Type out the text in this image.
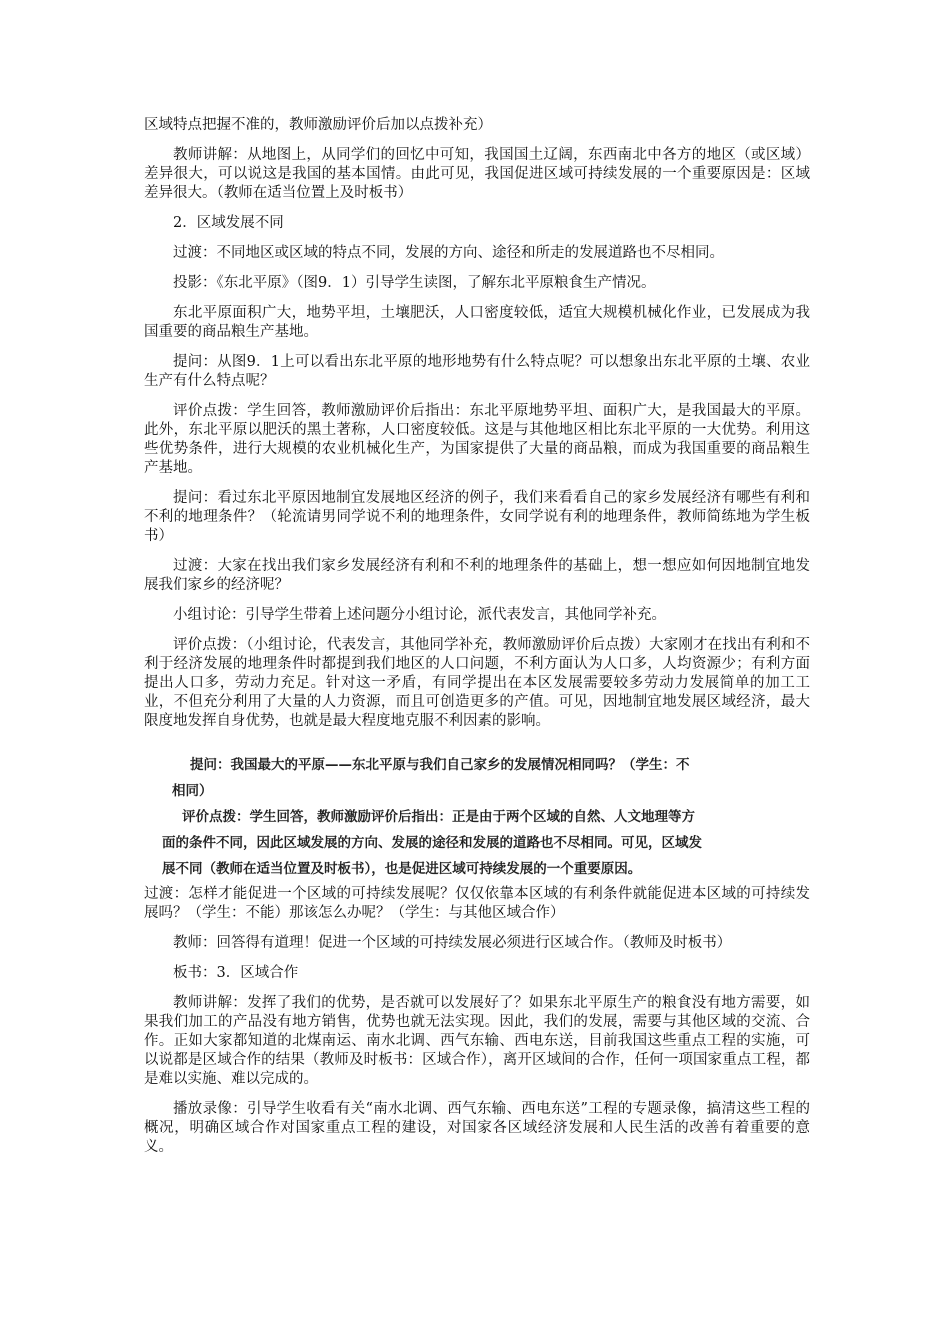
区域特点把握不准的，教师激励评价后加以点拨补充）

教师讲解：从地图上，从同学们的回忆中可知，我国国土辽阔，东西南北中各方的地区（或区域）差异很大，可以说这是我国的基本国情。由此可见，我国促进区域可持续发展的一个重要原因是：区域差异很大。（教师在适当位置上及时板书）

2．区域发展不同

过渡：不同地区或区域的特点不同，发展的方向、途径和所走的发展道路也不尽相同。

投影：《东北平原》（图9．1）引导学生读图，了解东北平原粮食生产情况。

东北平原面积广大，地势平坦，土壤肥沃，人口密度较低，适宜大规模机械化作业，已发展成为我国重要的商品粮生产基地。

提问：从图9．1上可以看出东北平原的地形地势有什么特点呢？可以想象出东北平原的土壤、农业生产有什么特点呢？

评价点拨：学生回答，教师激励评价后指出：东北平原地势平坦、面积广大，是我国最大的平原。此外，东北平原以肥沃的黑土著称，人口密度较低。这是与其他地区相比东北平原的一大优势。利用这些优势条件，进行大规模的农业机械化生产，为国家提供了大量的商品粮，而成为我国重要的商品粮生产基地。

提问：看过东北平原因地制宜发展地区经济的例子，我们来看看自己的家乡发展经济有哪些有利和不利的地理条件？（轮流请男同学说不利的地理条件，女同学说有利的地理条件，教师简练地为学生板书）

过渡：大家在找出我们家乡发展经济有利和不利的地理条件的基础上，想一想应如何因地制宜地发展我们家乡的经济呢？

小组讨论：引导学生带着上述问题分小组讨论，派代表发言，其他同学补充。

评价点拨：（小组讨论，代表发言，其他同学补充，教师激励评价后点拨）大家刚才在找出有利和不利于经济发展的地理条件时都提到我们地区的人口问题，不利方面认为人口多，人均资源少；有利方面提出人口多，劳动力充足。针对这一矛盾，有同学提出在本区发展需要较多劳动力发展简单的加工工业，不但充分利用了大量的人力资源，而且可创造更多的产值。可见，因地制宜地发展区域经济，最大限度地发挥自身优势，也就是最大程度地克服不利因素的影响。

提问：我国最大的平原——东北平原与我们自己家乡的发展情况相同吗？（学生：不

相同）

评价点拨：学生回答，教师激励评价后指出：正是由于两个区域的自然、人文地理等方

面的条件不同，因此区域发展的方向、发展的途径和发展的道路也不尽相同。可见，区域发

展不同（教师在适当位置及时板书），也是促进区域可持续发展的一个重要原因。

过渡：怎样才能促进一个区域的可持续发展呢？仅仅依靠本区域的有利条件就能促进本区域的可持续发展吗？（学生：不能）那该怎么办呢？（学生：与其他区域合作）

教师：回答得有道理！促进一个区域的可持续发展必须进行区域合作。（教师及时板书）

板书：3．区域合作

教师讲解：发挥了我们的优势，是否就可以发展好了？如果东北平原生产的粮食没有地方需要，如果我们加工的产品没有地方销售，优势也就无法实现。因此，我们的发展，需要与其他区域的交流、合作。正如大家都知道的北煤南运、南水北调、西气东输、西电东送，目前我国这些重点工程的实施，可以说都是区域合作的结果（教师及时板书：区域合作），离开区域间的合作，任何一项国家重点工程，都是难以实施、难以完成的。

播放录像：引导学生收看有关“南水北调、西气东输、西电东送”工程的专题录像，搞清这些工程的概况，明确区域合作对国家重点工程的建设，对国家各区域经济发展和人民生活的改善有着重要的意义。
